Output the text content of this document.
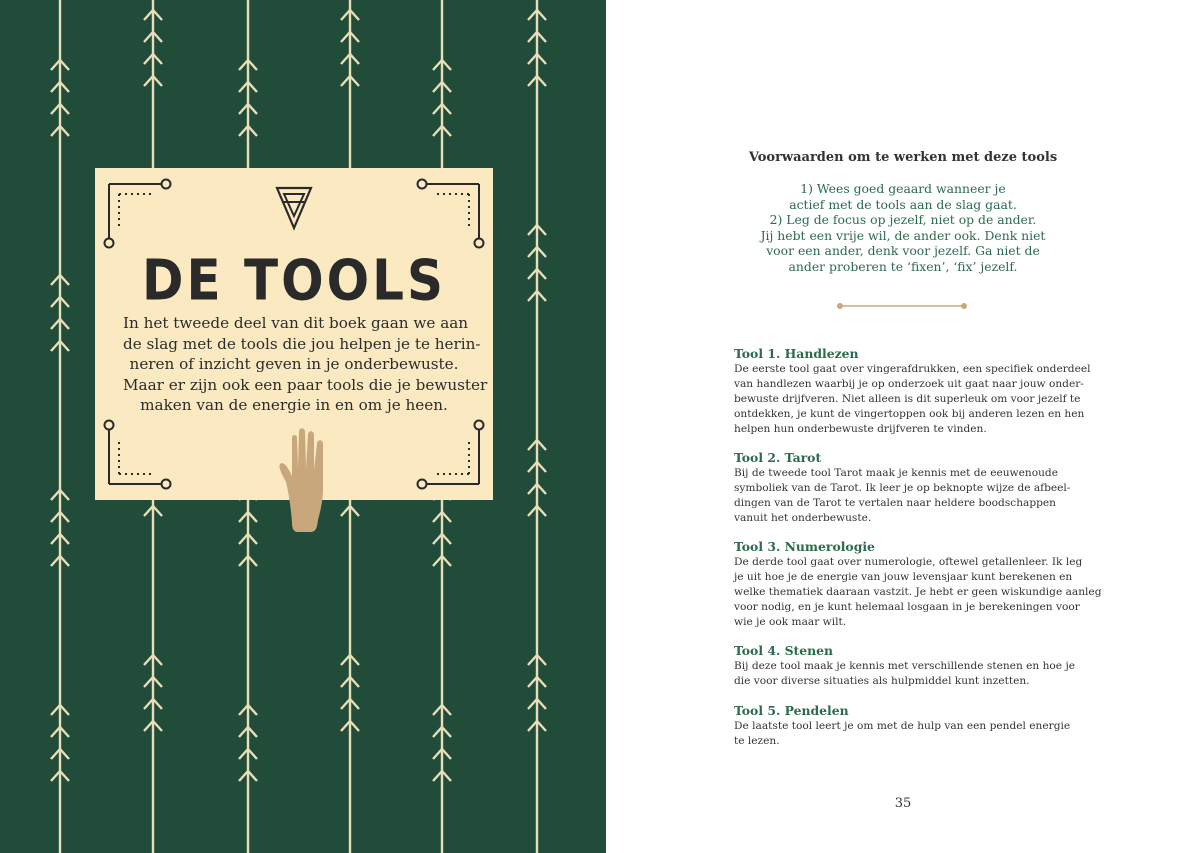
DE TOOLS
In het tweede deel van dit boek gaan we aan
de slag met de tools die jou helpen je te herin-
neren of inzicht geven in je onderbewuste.
Maar er zijn ook een paar tools die je bewuster
maken van de energie in en om je heen.
Voorwaarden om te werken met deze tools
1) Wees goed geaard wanneer je
actief met de tools aan de slag gaat.
2) Leg de focus op jezelf, niet op de ander.
Jij hebt een vrije wil, de ander ook. Denk niet
voor een ander, denk voor jezelf. Ga niet de
ander proberen te ‘fixen’, ‘fix’ jezelf.
Tool 1. Handlezen
De eerste tool gaat over vingerafdrukken, een specifiek onderdeel
van handlezen waarbij je op onderzoek uit gaat naar jouw onder-
bewuste drijfveren. Niet alleen is dit superleuk om voor jezelf te
ontdekken, je kunt de vingertoppen ook bij anderen lezen en hen
helpen hun onderbewuste drijfveren te vinden.
Tool 2. Tarot
Bij de tweede tool Tarot maak je kennis met de eeuwenoude
symboliek van de Tarot. Ik leer je op beknopte wijze de afbeel-
dingen van de Tarot te vertalen naar heldere boodschappen
vanuit het onderbewuste.
Tool 3. Numerologie
De derde tool gaat over numerologie, oftewel getallenleer. Ik leg
je uit hoe je de energie van jouw levensjaar kunt berekenen en
welke thematiek daaraan vastzit. Je hebt er geen wiskundige aanleg
voor nodig, en je kunt helemaal losgaan in je berekeningen voor
wie je ook maar wilt.
Tool 4. Stenen
Bij deze tool maak je kennis met verschillende stenen en hoe je
die voor diverse situaties als hulpmiddel kunt inzetten.
Tool 5. Pendelen
De laatste tool leert je om met de hulp van een pendel energie
te lezen.
35
